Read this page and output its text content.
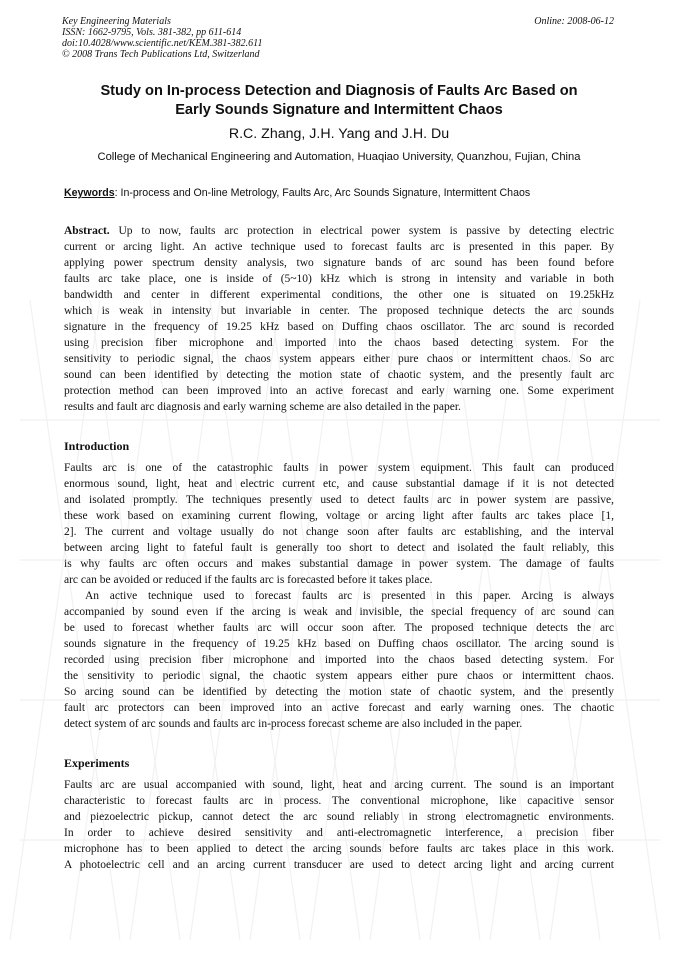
Key Engineering Materials
ISSN: 1662-9795, Vols. 381-382, pp 611-614
doi:10.4028/www.scientific.net/KEM.381-382.611
© 2008 Trans Tech Publications Ltd, Switzerland
Online: 2008-06-12
Study on In-process Detection and Diagnosis of Faults Arc Based on
Early Sounds Signature and Intermittent Chaos
R.C. Zhang, J.H. Yang and J.H. Du
College of Mechanical Engineering and Automation, Huaqiao University, Quanzhou, Fujian, China
Keywords: In-process and On-line Metrology, Faults Arc, Arc Sounds Signature, Intermittent Chaos
Abstract. Up to now, faults arc protection in electrical power system is passive by detecting electric
current or arcing light. An active technique used to forecast faults arc is presented in this paper. By
applying power spectrum density analysis, two signature bands of arc sound has been found before
faults arc take place, one is inside of (5~10) kHz which is strong in intensity and variable in both
bandwidth and center in different experimental conditions, the other one is situated on 19.25kHz
which is weak in intensity but invariable in center. The proposed technique detects the arc sounds
signature in the frequency of 19.25 kHz based on Duffing chaos oscillator. The arc sound is recorded
using precision fiber microphone and imported into the chaos based detecting system. For the
sensitivity to periodic signal, the chaos system appears either pure chaos or intermittent chaos. So arc
sound can been identified by detecting the motion state of chaotic system, and the presently fault arc
protection method can been improved into an active forecast and early warning one. Some experiment
results and fault arc diagnosis and early warning scheme are also detailed in the paper.
Introduction
Faults arc is one of the catastrophic faults in power system equipment. This fault can produced
enormous sound, light, heat and electric current etc, and cause substantial damage if it is not detected
and isolated promptly. The techniques presently used to detect faults arc in power system are passive,
these work based on examining current flowing, voltage or arcing light after faults arc takes place [1,
2]. The current and voltage usually do not change soon after faults arc establishing, and the interval
between arcing light to fateful fault is generally too short to detect and isolated the fault reliably, this
is why faults arc often occurs and makes substantial damage in power system. The damage of faults
arc can be avoided or reduced if the faults arc is forecasted before it takes place.
An active technique used to forecast faults arc is presented in this paper. Arcing is always
accompanied by sound even if the arcing is weak and invisible, the special frequency of arc sound can
be used to forecast whether faults arc will occur soon after. The proposed technique detects the arc
sounds signature in the frequency of 19.25 kHz based on Duffing chaos oscillator. The arcing sound is
recorded using precision fiber microphone and imported into the chaos based detecting system. For
the sensitivity to periodic signal, the chaotic system appears either pure chaos or intermittent chaos.
So arcing sound can be identified by detecting the motion state of chaotic system, and the presently
fault arc protectors can been improved into an active forecast and early warning ones. The chaotic
detect system of arc sounds and faults arc in-process forecast scheme are also included in the paper.
Experiments
Faults arc are usual accompanied with sound, light, heat and arcing current. The sound is an important
characteristic to forecast faults arc in process. The conventional microphone, like capacitive sensor
and piezoelectric pickup, cannot detect the arc sound reliably in strong electromagnetic environments.
In order to achieve desired sensitivity and anti-electromagnetic interference, a precision fiber
microphone has to been applied to detect the arcing sounds before faults arc takes place in this work.
A photoelectric cell and an arcing current transducer are used to detect arcing light and arcing current
